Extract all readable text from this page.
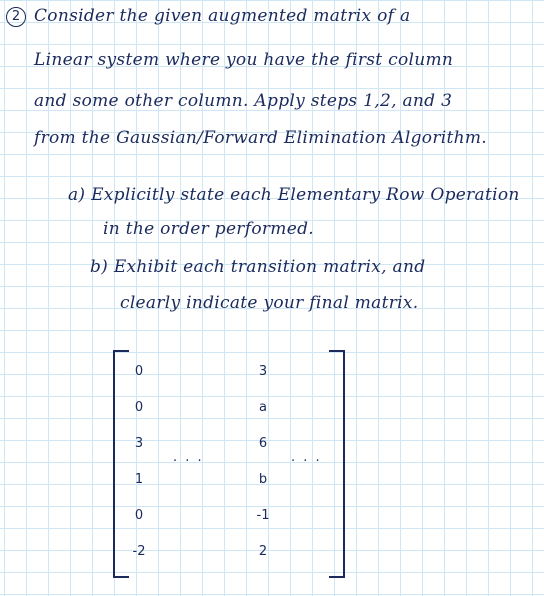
2 Consider the given augmented matrix of a
Linear system where you have the first column
and some other column. Apply steps 1,2, and 3
from the Gaussian/Forward Elimination Algorithm.
a) Explicitly state each Elementary Row Operation
in the order performed.
b) Exhibit each transition matrix, and
clearly indicate your final matrix.
0
0
3
1
0
-2
. . .	. . .
3
a
6
b
-1
2
